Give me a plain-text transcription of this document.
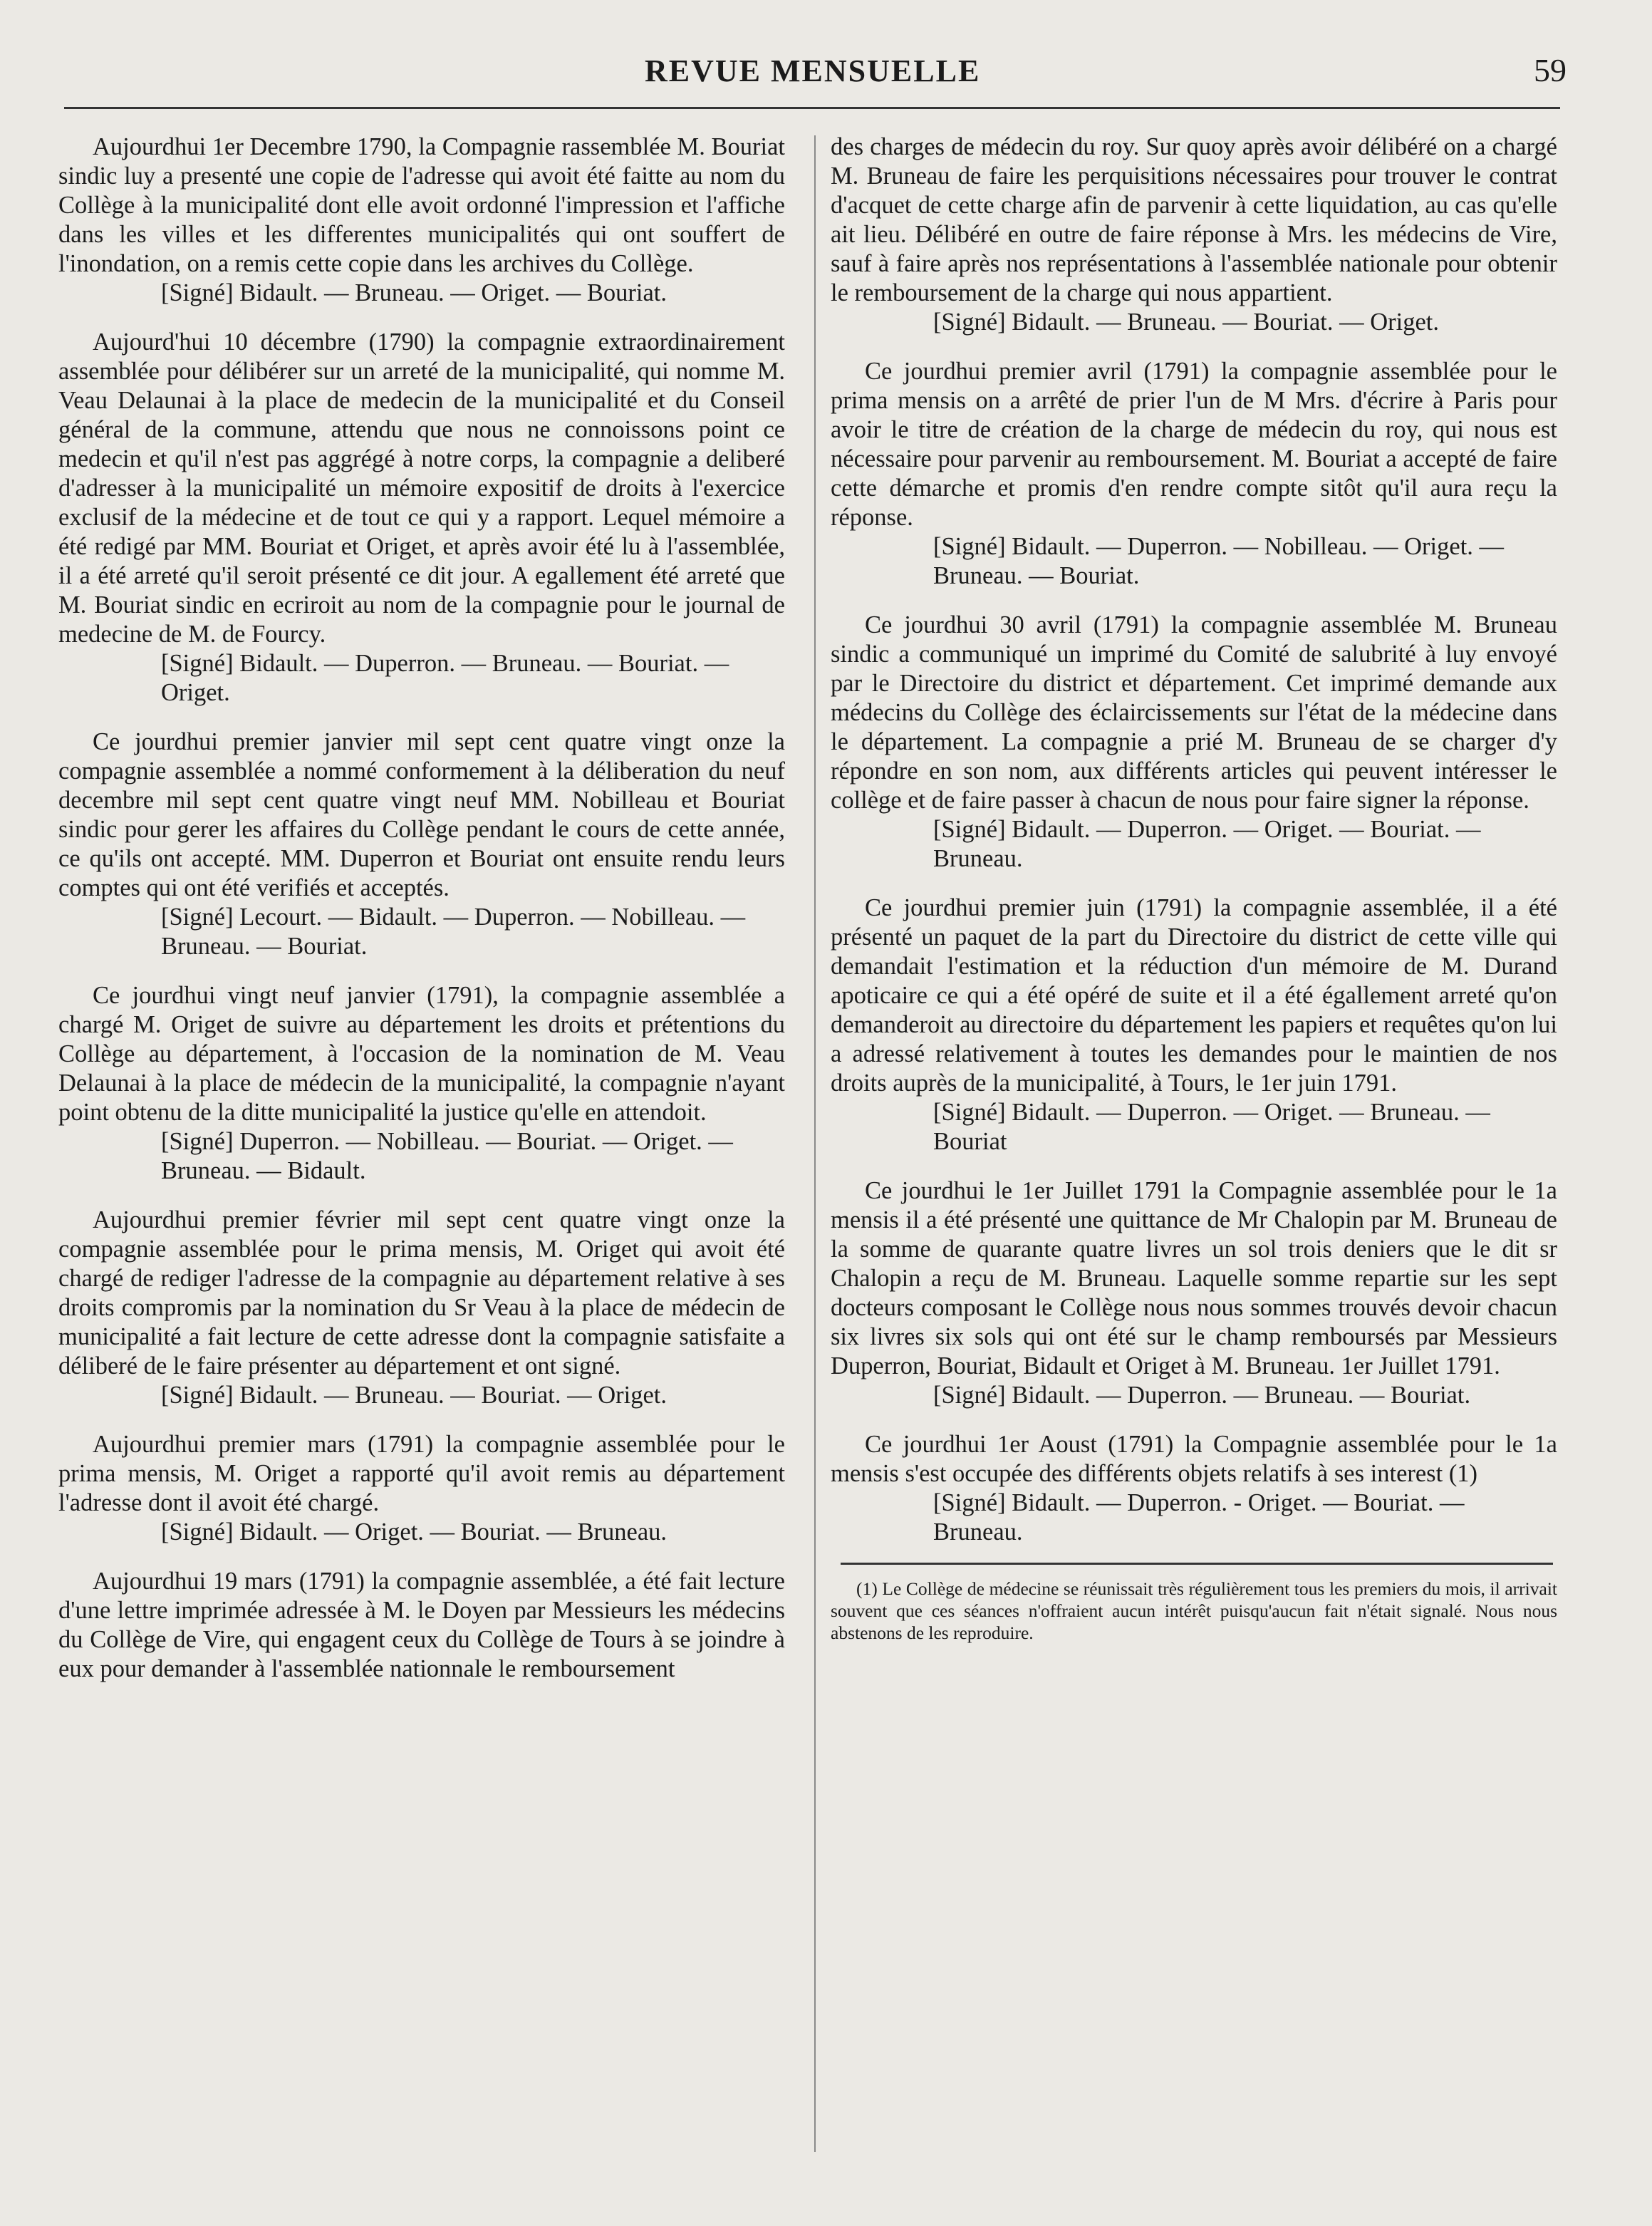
REVUE MENSUELLE	59

Aujourdhui 1er Decembre 1790, la Compagnie rassemblée M. Bouriat sindic luy a presenté une copie de l'adresse qui avoit été faitte au nom du Collège à la municipalité dont elle avoit ordonné l'impression et l'affiche dans les villes et les differentes municipalités qui ont souffert de l'inondation, on a remis cette copie dans les archives du Collège.

[Signé] Bidault. — Bruneau. — Origet. — Bouriat.

Aujourd'hui 10 décembre (1790) la compagnie extraordinairement assemblée pour délibérer sur un arreté de la municipalité, qui nomme M. Veau Delaunai à la place de medecin de la municipalité et du Conseil général de la commune, attendu que nous ne connoissons point ce medecin et qu'il n'est pas aggrégé à notre corps, la compagnie a deliberé d'adresser à la municipalité un mémoire expositif de droits à l'exercice exclusif de la médecine et de tout ce qui y a rapport. Lequel mémoire a été redigé par MM. Bouriat et Origet, et après avoir été lu à l'assemblée, il a été arreté qu'il seroit présenté ce dit jour. A egallement été arreté que M. Bouriat sindic en ecriroit au nom de la compagnie pour le journal de medecine de M. de Fourcy.

[Signé] Bidault. — Duperron. — Bruneau. — Bouriat. — Origet.

Ce jourdhui premier janvier mil sept cent quatre vingt onze la compagnie assemblée a nommé conformement à la déliberation du neuf decembre mil sept cent quatre vingt neuf MM. Nobilleau et Bouriat sindic pour gerer les affaires du Collège pendant le cours de cette année, ce qu'ils ont accepté. MM. Duperron et Bouriat ont ensuite rendu leurs comptes qui ont été verifiés et acceptés.

[Signé] Lecourt. — Bidault. — Duperron. — Nobilleau. — Bruneau. — Bouriat.

Ce jourdhui vingt neuf janvier (1791), la compagnie assemblée a chargé M. Origet de suivre au département les droits et prétentions du Collège au département, à l'occasion de la nomination de M. Veau Delaunai à la place de médecin de la municipalité, la compagnie n'ayant point obtenu de la ditte municipalité la justice qu'elle en attendoit.

[Signé] Duperron. — Nobilleau. — Bouriat. — Origet. — Bruneau. — Bidault.

Aujourdhui premier février mil sept cent quatre vingt onze la compagnie assemblée pour le prima mensis, M. Origet qui avoit été chargé de rediger l'adresse de la compagnie au département relative à ses droits compromis par la nomination du Sr Veau à la place de médecin de municipalité a fait lecture de cette adresse dont la compagnie satisfaite a déliberé de le faire présenter au département et ont signé.

[Signé] Bidault. — Bruneau. — Bouriat. — Origet.

Aujourdhui premier mars (1791) la compagnie assemblée pour le prima mensis, M. Origet a rapporté qu'il avoit remis au département l'adresse dont il avoit été chargé.

[Signé] Bidault. — Origet. — Bouriat. — Bruneau.

Aujourdhui 19 mars (1791) la compagnie assemblée, a été fait lecture d'une lettre imprimée adressée à M. le Doyen par Messieurs les médecins du Collège de Vire, qui engagent ceux du Collège de Tours à se joindre à eux pour demander à l'assemblée nationnale le remboursement

des charges de médecin du roy. Sur quoy après avoir délibéré on a chargé M. Bruneau de faire les perquisitions nécessaires pour trouver le contrat d'acquet de cette charge afin de parvenir à cette liquidation, au cas qu'elle ait lieu. Délibéré en outre de faire réponse à Mrs. les médecins de Vire, sauf à faire après nos représentations à l'assemblée nationale pour obtenir le remboursement de la charge qui nous appartient.

[Signé] Bidault. — Bruneau. — Bouriat. — Origet.

Ce jourdhui premier avril (1791) la compagnie assemblée pour le prima mensis on a arrêté de prier l'un de M Mrs. d'écrire à Paris pour avoir le titre de création de la charge de médecin du roy, qui nous est nécessaire pour parvenir au remboursement. M. Bouriat a accepté de faire cette démarche et promis d'en rendre compte sitôt qu'il aura reçu la réponse.

[Signé] Bidault. — Duperron. — Nobilleau. — Origet. — Bruneau. — Bouriat.

Ce jourdhui 30 avril (1791) la compagnie assemblée M. Bruneau sindic a communiqué un imprimé du Comité de salubrité à luy envoyé par le Directoire du district et département. Cet imprimé demande aux médecins du Collège des éclaircissements sur l'état de la médecine dans le département. La compagnie a prié M. Bruneau de se charger d'y répondre en son nom, aux différents articles qui peuvent intéresser le collège et de faire passer à chacun de nous pour faire signer la réponse.

[Signé] Bidault. — Duperron. — Origet. — Bouriat. — Bruneau.

Ce jourdhui premier juin (1791) la compagnie assemblée, il a été présenté un paquet de la part du Directoire du district de cette ville qui demandait l'estimation et la réduction d'un mémoire de M. Durand apoticaire ce qui a été opéré de suite et il a été égallement arreté qu'on demanderoit au directoire du département les papiers et requêtes qu'on lui a adressé relativement à toutes les demandes pour le maintien de nos droits auprès de la municipalité, à Tours, le 1er juin 1791.

[Signé] Bidault. — Duperron. — Origet. — Bruneau. — Bouriat

Ce jourdhui le 1er Juillet 1791 la Compagnie assemblée pour le 1a mensis il a été présenté une quittance de Mr Chalopin par M. Bruneau de la somme de quarante quatre livres un sol trois deniers que le dit sr Chalopin a reçu de M. Bruneau. Laquelle somme repartie sur les sept docteurs composant le Collège nous nous sommes trouvés devoir chacun six livres six sols qui ont été sur le champ remboursés par Messieurs Duperron, Bouriat, Bidault et Origet à M. Bruneau. 1er Juillet 1791.

[Signé] Bidault. — Duperron. — Bruneau. — Bouriat.

Ce jourdhui 1er Aoust (1791) la Compagnie assemblée pour le 1a mensis s'est occupée des différents objets relatifs à ses interest (1)

[Signé] Bidault. — Duperron. - Origet. — Bouriat. — Bruneau.

(1) Le Collège de médecine se réunissait très régulièrement tous les premiers du mois, il arrivait souvent que ces séances n'offraient aucun intérêt puisqu'aucun fait n'était signalé. Nous nous abstenons de les reproduire.
